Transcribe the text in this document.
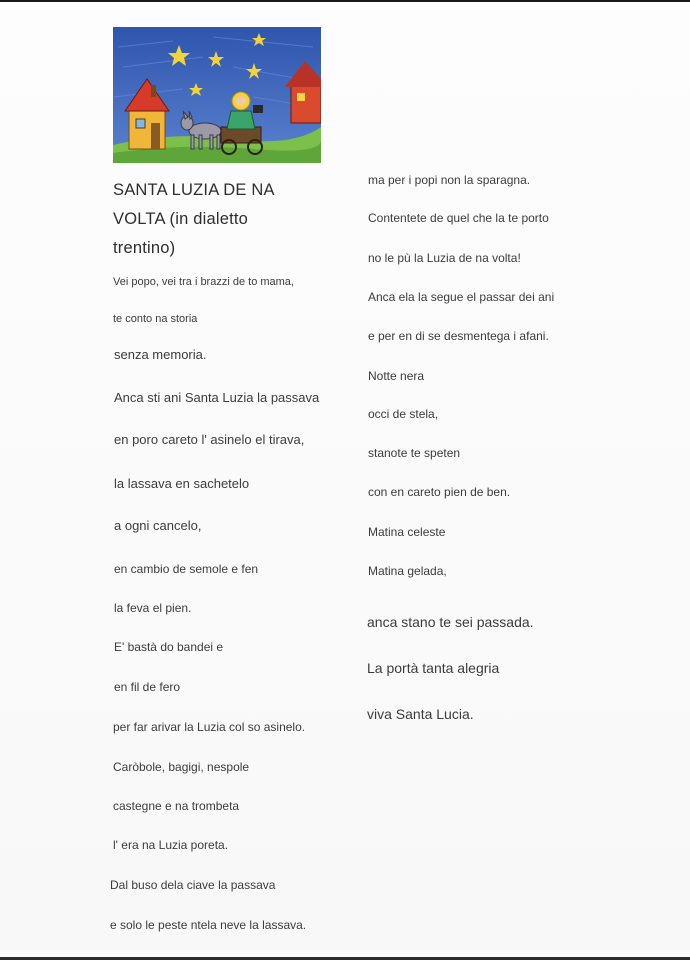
SANTA LUZIA DE NA VOLTA (in dialetto trentino)
Vei popo, vei tra i brazzi de to mama,
te conto na storia
senza memoria.
Anca sti ani Santa Luzia la passava
en poro careto l' asinelo el tirava,
la lassava en sachetelo
a ogni cancelo,
en cambio de semole e fen
la feva el pien.
E' bastà do bandei e
en fil de fero
per far arivar la Luzia col so asinelo.
Caròbole, bagigi, nespole
castegne e na trombeta
l' era na Luzia poreta.
Dal buso dela ciave la passava
e solo le peste ntela neve la lassava.
ma per i popi non la sparagna.
Contentete de quel che la te porto
no le pù la Luzia de na volta!
Anca ela la segue el passar dei ani
e per en di se desmentega i afani.
Notte nera
occi de stela,
stanote te speten
con en careto pien de ben.
Matina celeste
Matina gelada,
anca stano te sei passada.
La portà tanta alegria
viva Santa Lucia.
